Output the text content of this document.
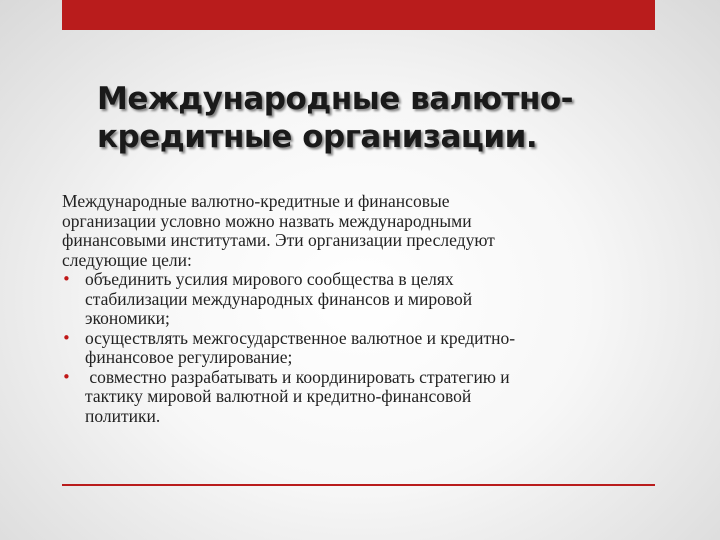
Международные валютно-
кредитные организации.
Международные валютно-кредитные и финансовые
организации условно можно назвать международными
финансовыми институтами. Эти организации преследуют
следующие цели:
• объединить усилия мирового сообщества в целях
стабилизации международных финансов и мировой
экономики;
• осуществлять межгосударственное валютное и кредитно-
финансовое регулирование;
• совместно разрабатывать и координировать стратегию и
тактику мировой валютной и кредитно-финансовой
политики.
